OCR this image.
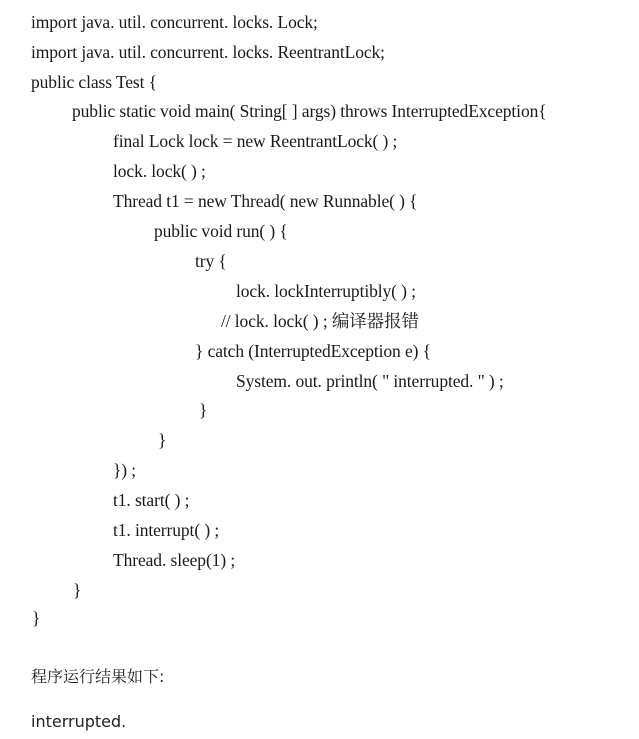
import java. util. concurrent. locks. Lock;
import java. util. concurrent. locks. ReentrantLock;
public class Test {
public static void main( String[ ] args) throws InterruptedException{
final Lock lock = new ReentrantLock( ) ;
lock. lock( ) ;
Thread t1 = new Thread( new Runnable( ) {
public void run( ) {
try {
lock. lockInterruptibly( ) ;
// lock. lock( ) ; 编译器报错
} catch (InterruptedException e) {
System. out. println( " interrupted. " ) ;
}
}
}) ;
t1. start( ) ;
t1. interrupt( ) ;
Thread. sleep(1) ;
}
}
程序运行结果如下:
interrupted.
